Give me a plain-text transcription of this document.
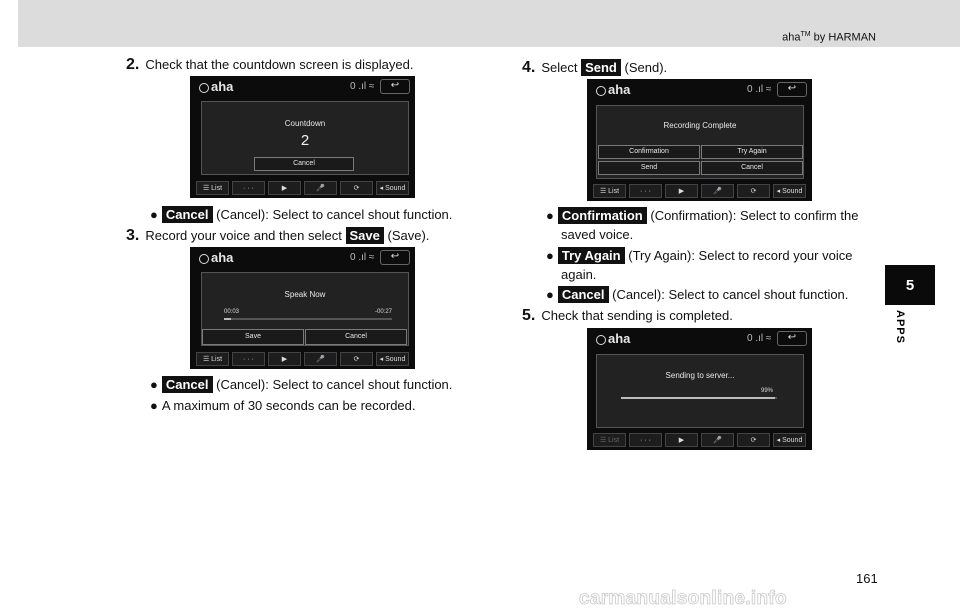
aha™ by HARMAN
5
APPS
2. Check that the countdown screen is displayed.
aha	0 .ıl ≈	↩
Countdown
2
Cancel
☰ List	· · ·	▶	🎤	⟳	◂ Sound
● Cancel (Cancel): Select to cancel shout function.
3. Record your voice and then select Save (Save).
aha	0 .ıl ≈	↩
Speak Now
00:03	-00:27
Save	Cancel
☰ List	· · ·	▶	🎤	⟳	◂ Sound
● Cancel (Cancel): Select to cancel shout function.
● A maximum of 30 seconds can be recorded.
4. Select Send (Send).
aha	0 .ıl ≈	↩
Recording Complete
Confirmation	Try Again
Send	Cancel
☰ List	· · ·	▶	🎤	⟳	◂ Sound
● Confirmation (Confirmation): Select to confirm the
saved voice.
● Try Again (Try Again): Select to record your voice
again.
● Cancel (Cancel): Select to cancel shout function.
5. Check that sending is completed.
aha	0 .ıl ≈	↩
Sending to server...
99%
☰ List	· · ·	▶	🎤	⟳	◂ Sound
161
carmanualsonline.info
